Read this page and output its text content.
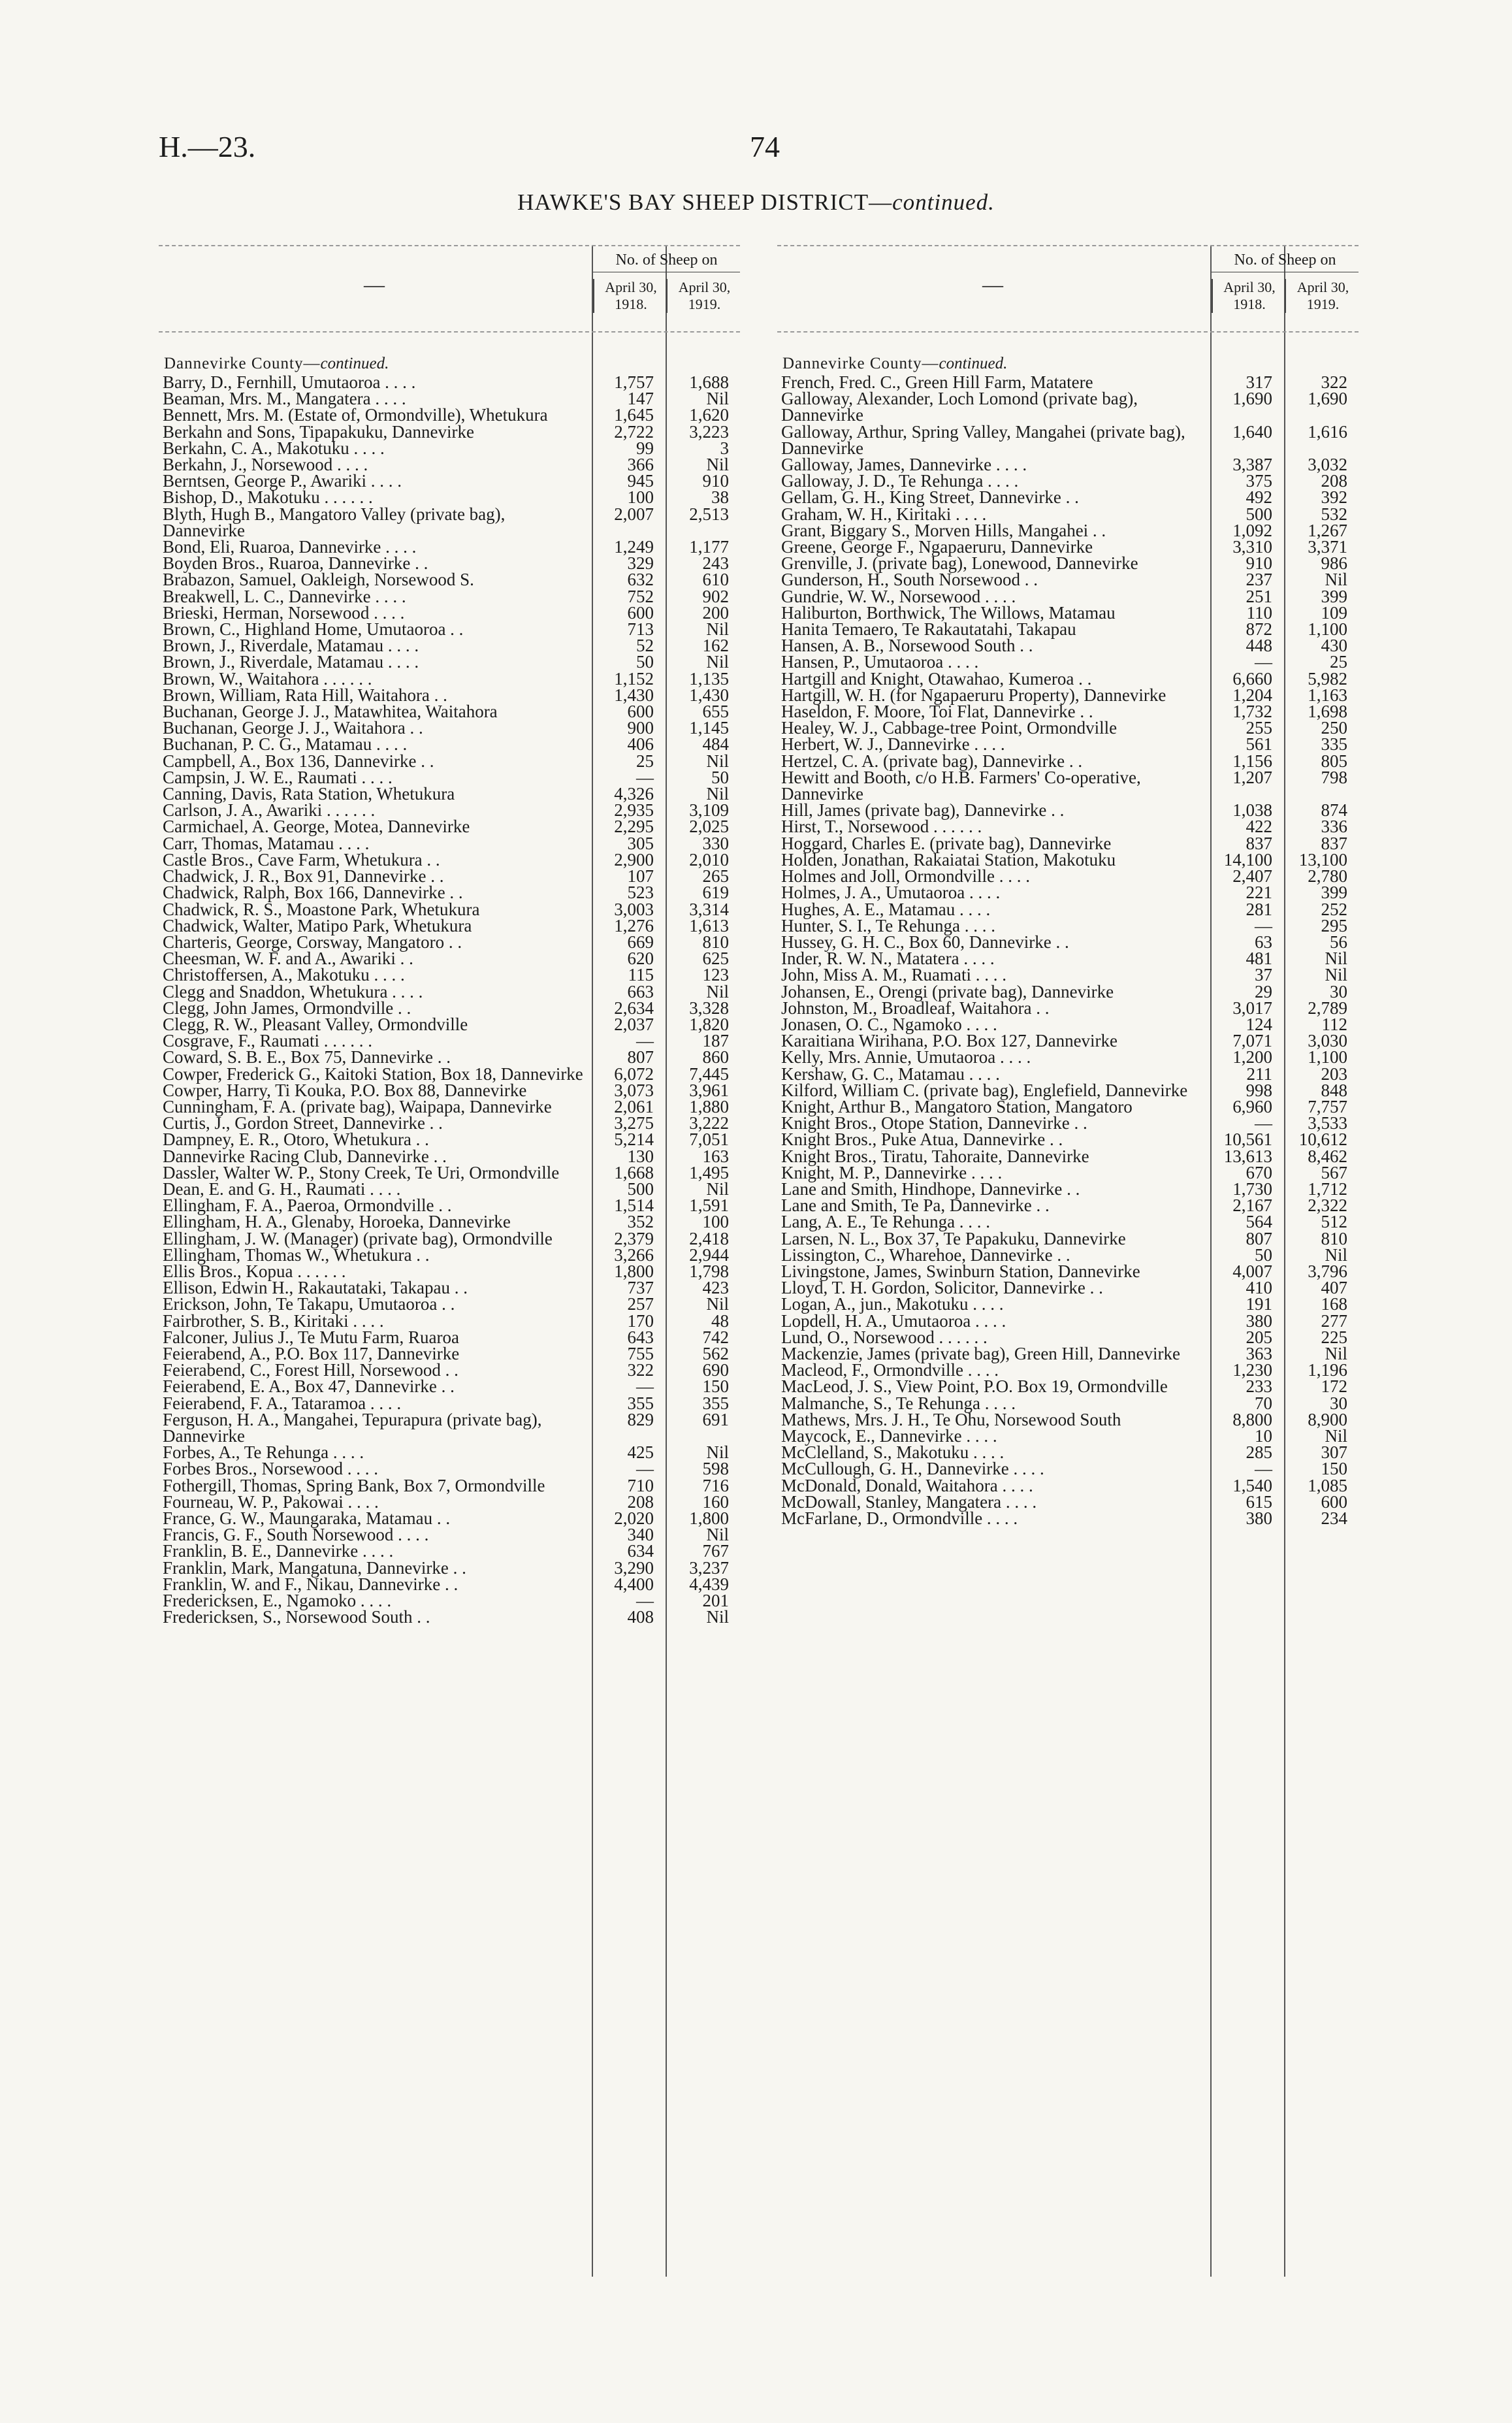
H.—23.	74
HAWKE'S BAY SHEEP DISTRICT—continued.
—
No. of Sheep on
April 30,
1918.
April 30,
1919.
Dannevirke County—continued.
Barry, D., Fernhill, Umutaoroa . . . .	1,757	1,688
Beaman, Mrs. M., Mangatera . . . .	147	Nil
Bennett, Mrs. M. (Estate of, Ormondville), Whetukura	1,645	1,620
Berkahn and Sons, Tipapakuku, Dannevirke	2,722	3,223
Berkahn, C. A., Makotuku . . . .	99	3
Berkahn, J., Norsewood . . . .	366	Nil
Berntsen, George P., Awariki . . . .	945	910
Bishop, D., Makotuku . . . . . .	100	38
Blyth, Hugh B., Mangatoro Valley (private bag), Dannevirke
2,007	2,513
Bond, Eli, Ruaroa, Dannevirke . . . .	1,249	1,177
Boyden Bros., Ruaroa, Dannevirke . .	329	243
Brabazon, Samuel, Oakleigh, Norsewood S.	632	610
Breakwell, L. C., Dannevirke . . . .	752	902
Brieski, Herman, Norsewood . . . .	600	200
Brown, C., Highland Home, Umutaoroa . .	713	Nil
Brown, J., Riverdale, Matamau . . . .	52	162
Brown, J., Riverdale, Matamau . . . .	50	Nil
Brown, W., Waitahora . . . . . .	1,152	1,135
Brown, William, Rata Hill, Waitahora . .	1,430	1,430
Buchanan, George J. J., Matawhitea, Waitahora	600	655
Buchanan, George J. J., Waitahora . .	900	1,145
Buchanan, P. C. G., Matamau . . . .	406	484
Campbell, A., Box 136, Dannevirke . .	25	Nil
Campsin, J. W. E., Raumati . . . .	—	50
Canning, Davis, Rata Station, Whetukura	4,326	Nil
Carlson, J. A., Awariki . . . . . .	2,935	3,109
Carmichael, A. George, Motea, Dannevirke	2,295	2,025
Carr, Thomas, Matamau . . . .	305	330
Castle Bros., Cave Farm, Whetukura . .	2,900	2,010
Chadwick, J. R., Box 91, Dannevirke . .	107	265
Chadwick, Ralph, Box 166, Dannevirke . .	523	619
Chadwick, R. S., Moastone Park, Whetukura	3,003	3,314
Chadwick, Walter, Matipo Park, Whetukura	1,276	1,613
Charteris, George, Corsway, Mangatoro . .	669	810
Cheesman, W. F. and A., Awariki . .	620	625
Christoffersen, A., Makotuku . . . .	115	123
Clegg and Snaddon, Whetukura . . . .	663	Nil
Clegg, John James, Ormondville . .	2,634	3,328
Clegg, R. W., Pleasant Valley, Ormondville	2,037	1,820
Cosgrave, F., Raumati . . . . . .	—	187
Coward, S. B. E., Box 75, Dannevirke . .	807	860
Cowper, Frederick G., Kaitoki Station, Box 18, Dannevirke	6,072	7,445
Cowper, Harry, Ti Kouka, P.O. Box 88, Dannevirke	3,073	3,961
Cunningham, F. A. (private bag), Waipapa, Dannevirke	2,061	1,880
Curtis, J., Gordon Street, Dannevirke . .	3,275	3,222
Dampney, E. R., Otoro, Whetukura . .	5,214	7,051
Dannevirke Racing Club, Dannevirke . .	130	163
Dassler, Walter W. P., Stony Creek, Te Uri, Ormondville	1,668	1,495
Dean, E. and G. H., Raumati . . . .	500	Nil
Ellingham, F. A., Paeroa, Ormondville . .	1,514	1,591
Ellingham, H. A., Glenaby, Horoeka, Dannevirke	352	100
Ellingham, J. W. (Manager) (private bag), Ormondville	2,379	2,418
Ellingham, Thomas W., Whetukura . .	3,266	2,944
Ellis Bros., Kopua . . . . . .	1,800	1,798
Ellison, Edwin H., Rakautataki, Takapau . .	737	423
Erickson, John, Te Takapu, Umutaoroa . .	257	Nil
Fairbrother, S. B., Kiritaki . . . .	170	48
Falconer, Julius J., Te Mutu Farm, Ruaroa	643	742
Feierabend, A., P.O. Box 117, Dannevirke	755	562
Feierabend, C., Forest Hill, Norsewood . .	322	690
Feierabend, E. A., Box 47, Dannevirke . .	—	150
Feierabend, F. A., Tataramoa . . . .	355	355
Ferguson, H. A., Mangahei, Tepurapura (private bag), Dannevirke
829	691
Forbes, A., Te Rehunga . . . .	425	Nil
Forbes Bros., Norsewood . . . .	—	598
Fothergill, Thomas, Spring Bank, Box 7, Ormondville	710	716
Fourneau, W. P., Pakowai . . . .	208	160
France, G. W., Maungaraka, Matamau . .	2,020	1,800
Francis, G. F., South Norsewood . . . .	340	Nil
Franklin, B. E., Dannevirke . . . .	634	767
Franklin, Mark, Mangatuna, Dannevirke . .	3,290	3,237
Franklin, W. and F., Nikau, Dannevirke . .	4,400	4,439
Fredericksen, E., Ngamoko . . . .	—	201
Fredericksen, S., Norsewood South . .	408	Nil
—
No. of Sheep on
April 30,
1918.
April 30,
1919.
Dannevirke County—continued.
French, Fred. C., Green Hill Farm, Matatere	317	322
Galloway, Alexander, Loch Lomond (private bag), Dannevirke
1,690	1,690
Galloway, Arthur, Spring Valley, Mangahei (private bag), Dannevirke
1,640	1,616
Galloway, James, Dannevirke . . . .	3,387	3,032
Galloway, J. D., Te Rehunga . . . .	375	208
Gellam, G. H., King Street, Dannevirke . .	492	392
Graham, W. H., Kiritaki . . . .	500	532
Grant, Biggary S., Morven Hills, Mangahei . .	1,092	1,267
Greene, George F., Ngapaeruru, Dannevirke	3,310	3,371
Grenville, J. (private bag), Lonewood, Dannevirke	910	986
Gunderson, H., South Norsewood . .	237	Nil
Gundrie, W. W., Norsewood . . . .	251	399
Haliburton, Borthwick, The Willows, Matamau	110	109
Hanita Temaero, Te Rakautatahi, Takapau	872	1,100
Hansen, A. B., Norsewood South . .	448	430
Hansen, P., Umutaoroa . . . .	—	25
Hartgill and Knight, Otawahao, Kumeroa . .	6,660	5,982
Hartgill, W. H. (for Ngapaeruru Property), Dannevirke	1,204	1,163
Haseldon, F. Moore, Toi Flat, Dannevirke . .	1,732	1,698
Healey, W. J., Cabbage-tree Point, Ormondville	255	250
Herbert, W. J., Dannevirke . . . .	561	335
Hertzel, C. A. (private bag), Dannevirke . .	1,156	805
Hewitt and Booth, c/o H.B. Farmers' Co-operative, Dannevirke
1,207	798
Hill, James (private bag), Dannevirke . .	1,038	874
Hirst, T., Norsewood . . . . . .	422	336
Hoggard, Charles E. (private bag), Dannevirke	837	837
Holden, Jonathan, Rakaiatai Station, Makotuku	14,100	13,100
Holmes and Joll, Ormondville . . . .	2,407	2,780
Holmes, J. A., Umutaoroa . . . .	221	399
Hughes, A. E., Matamau . . . .	281	252
Hunter, S. I., Te Rehunga . . . .	—	295
Hussey, G. H. C., Box 60, Dannevirke . .	63	56
Inder, R. W. N., Matatera . . . .	481	Nil
John, Miss A. M., Ruamati . . . .	37	Nil
Johansen, E., Orengi (private bag), Dannevirke	29	30
Johnston, M., Broadleaf, Waitahora . .	3,017	2,789
Jonasen, O. C., Ngamoko . . . .	124	112
Karaitiana Wirihana, P.O. Box 127, Dannevirke	7,071	3,030
Kelly, Mrs. Annie, Umutaoroa . . . .	1,200	1,100
Kershaw, G. C., Matamau . . . .	211	203
Kilford, William C. (private bag), Englefield, Dannevirke	998	848
Knight, Arthur B., Mangatoro Station, Mangatoro	6,960	7,757
Knight Bros., Otope Station, Dannevirke . .	—	3,533
Knight Bros., Puke Atua, Dannevirke . .	10,561	10,612
Knight Bros., Tiratu, Tahoraite, Dannevirke	13,613	8,462
Knight, M. P., Dannevirke . . . .	670	567
Lane and Smith, Hindhope, Dannevirke . .	1,730	1,712
Lane and Smith, Te Pa, Dannevirke . .	2,167	2,322
Lang, A. E., Te Rehunga . . . .	564	512
Larsen, N. L., Box 37, Te Papakuku, Dannevirke	807	810
Lissington, C., Wharehoe, Dannevirke . .	50	Nil
Livingstone, James, Swinburn Station, Dannevirke	4,007	3,796
Lloyd, T. H. Gordon, Solicitor, Dannevirke . .	410	407
Logan, A., jun., Makotuku . . . .	191	168
Lopdell, H. A., Umutaoroa . . . .	380	277
Lund, O., Norsewood . . . . . .	205	225
Mackenzie, James (private bag), Green Hill, Dannevirke	363	Nil
Macleod, F., Ormondville . . . .	1,230	1,196
MacLeod, J. S., View Point, P.O. Box 19, Ormondville	233	172
Malmanche, S., Te Rehunga . . . .	70	30
Mathews, Mrs. J. H., Te Ohu, Norsewood South	8,800	8,900
Maycock, E., Dannevirke . . . .	10	Nil
McClelland, S., Makotuku . . . .	285	307
McCullough, G. H., Dannevirke . . . .	—	150
McDonald, Donald, Waitahora . . . .	1,540	1,085
McDowall, Stanley, Mangatera . . . .	615	600
McFarlane, D., Ormondville . . . .	380	234
